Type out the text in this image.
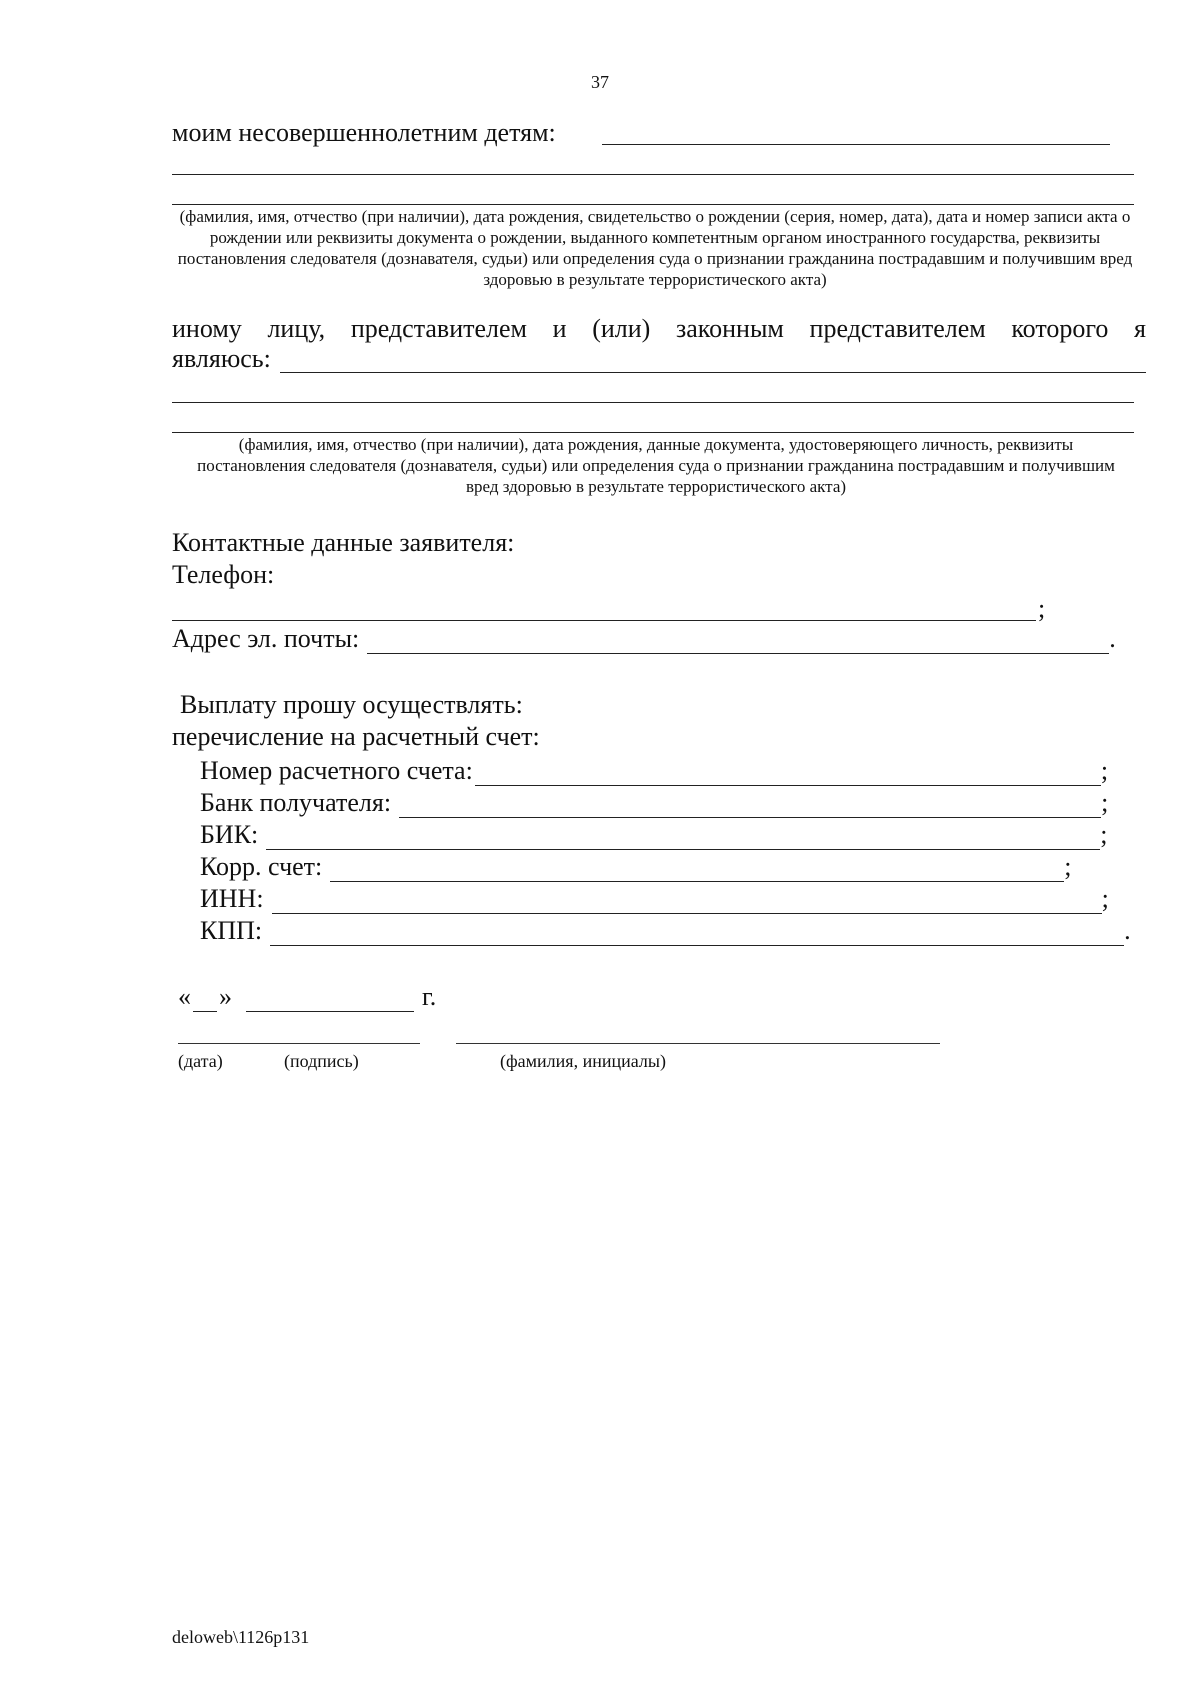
37
моим несовершеннолетним детям:
(фамилия, имя, отчество (при наличии), дата рождения, свидетельство о рождении (серия, номер, дата), дата и номер записи акта о рождении или реквизиты документа о рождении, выданного компетентным органом иностранного государства, реквизиты постановления следователя (дознавателя, судьи) или определения суда о признании гражданина пострадавшим и получившим вред здоровью в результате террористического акта)
иному лицу, представителем и (или) законным представителем которого я
являюсь:
(фамилия, имя, отчество (при наличии), дата рождения, данные документа, удостоверяющего личность, реквизиты постановления следователя (дознавателя, судьи) или определения суда о признании гражданина пострадавшим и получившим вред здоровью в результате террористического акта)
Контактные данные заявителя:
Телефон:
;
Адрес эл. почты:	.
Выплату прошу осуществлять:
перечисление на расчетный счет:
Номер расчетного счета:	;
Банк получателя:	;
БИК:	;
Корр. счет:	;
ИНН:	;
КПП:	.
« »	г.
(дата)	(подпись)	(фамилия, инициалы)
deloweb\1126p131
